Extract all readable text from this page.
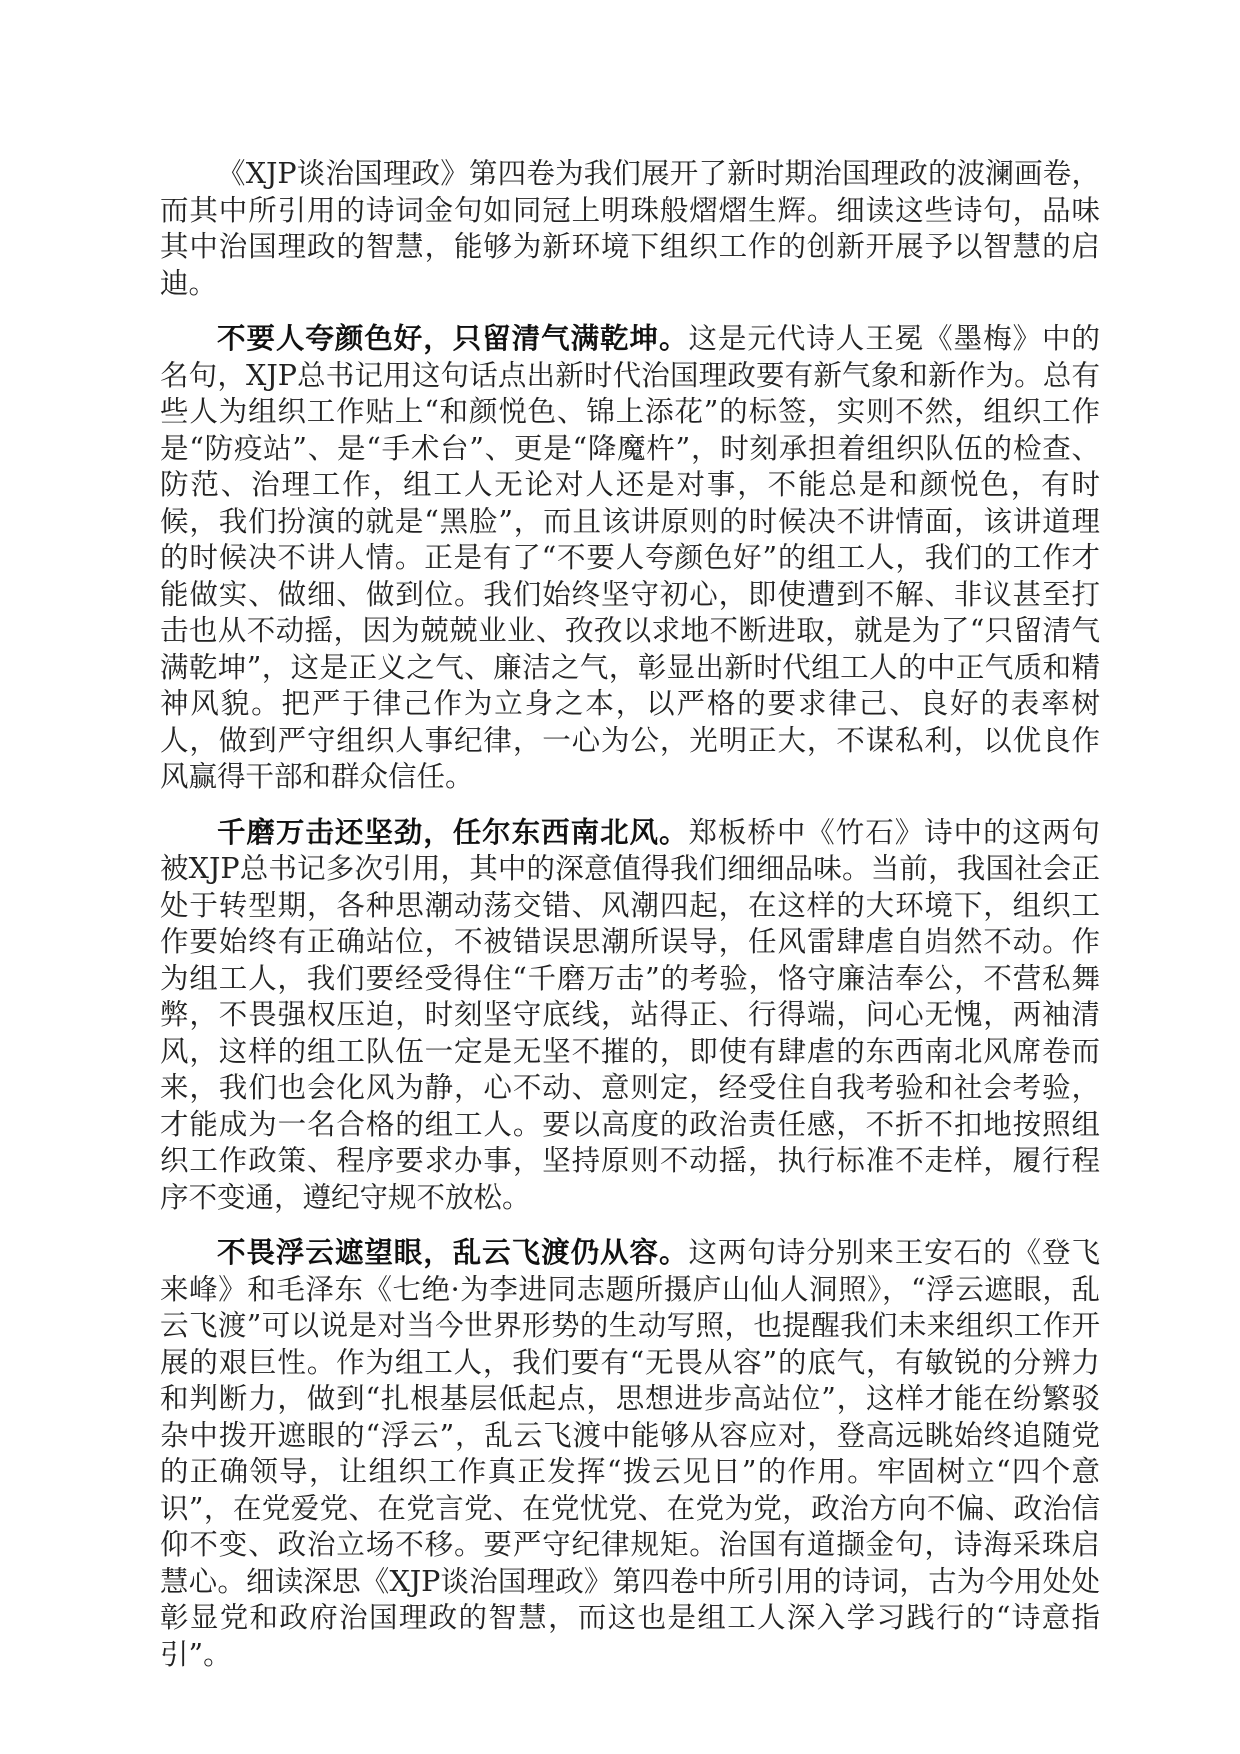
《XJP谈治国理政》第四卷为我们展开了新时期治国理政的波澜画卷，而其中所引用的诗词金句如同冠上明珠般熠熠生辉。细读这些诗句，品味其中治国理政的智慧，能够为新环境下组织工作的创新开展予以智慧的启迪。

不要人夸颜色好，只留清气满乾坤。这是元代诗人王冕《墨梅》中的名句，XJP总书记用这句话点出新时代治国理政要有新气象和新作为。总有些人为组织工作贴上“和颜悦色、锦上添花”的标签，实则不然，组织工作是“防疫站”、是“手术台”、更是“降魔杵”，时刻承担着组织队伍的检查、防范、治理工作，组工人无论对人还是对事，不能总是和颜悦色，有时候，我们扮演的就是“黑脸”，而且该讲原则的时候决不讲情面，该讲道理的时候决不讲人情。正是有了“不要人夸颜色好”的组工人，我们的工作才能做实、做细、做到位。我们始终坚守初心，即使遭到不解、非议甚至打击也从不动摇，因为兢兢业业、孜孜以求地不断进取，就是为了“只留清气满乾坤”，这是正义之气、廉洁之气，彰显出新时代组工人的中正气质和精神风貌。把严于律己作为立身之本，以严格的要求律己、良好的表率树人，做到严守组织人事纪律，一心为公，光明正大，不谋私利，以优良作风赢得干部和群众信任。

千磨万击还坚劲，任尔东西南北风。郑板桥中《竹石》诗中的这两句被XJP总书记多次引用，其中的深意值得我们细细品味。当前，我国社会正处于转型期，各种思潮动荡交错、风潮四起，在这样的大环境下，组织工作要始终有正确站位，不被错误思潮所误导，任风雷肆虐自岿然不动。作为组工人，我们要经受得住“千磨万击”的考验，恪守廉洁奉公，不营私舞弊，不畏强权压迫，时刻坚守底线，站得正、行得端，问心无愧，两袖清风，这样的组工队伍一定是无坚不摧的，即使有肆虐的东西南北风席卷而来，我们也会化风为静，心不动、意则定，经受住自我考验和社会考验，才能成为一名合格的组工人。要以高度的政治责任感，不折不扣地按照组织工作政策、程序要求办事，坚持原则不动摇，执行标准不走样，履行程序不变通，遵纪守规不放松。

不畏浮云遮望眼，乱云飞渡仍从容。这两句诗分别来王安石的《登飞来峰》和毛泽东《七绝·为李进同志题所摄庐山仙人洞照》，“浮云遮眼，乱云飞渡”可以说是对当今世界形势的生动写照，也提醒我们未来组织工作开展的艰巨性。作为组工人，我们要有“无畏从容”的底气，有敏锐的分辨力和判断力，做到“扎根基层低起点，思想进步高站位”，这样才能在纷繁驳杂中拨开遮眼的“浮云”，乱云飞渡中能够从容应对，登高远眺始终追随党的正确领导，让组织工作真正发挥“拨云见日”的作用。牢固树立“四个意识”，在党爱党、在党言党、在党忧党、在党为党，政治方向不偏、政治信仰不变、政治立场不移。要严守纪律规矩。治国有道撷金句，诗海采珠启慧心。细读深思《XJP谈治国理政》第四卷中所引用的诗词，古为今用处处彰显党和政府治国理政的智慧，而这也是组工人深入学习践行的“诗意指引”。
